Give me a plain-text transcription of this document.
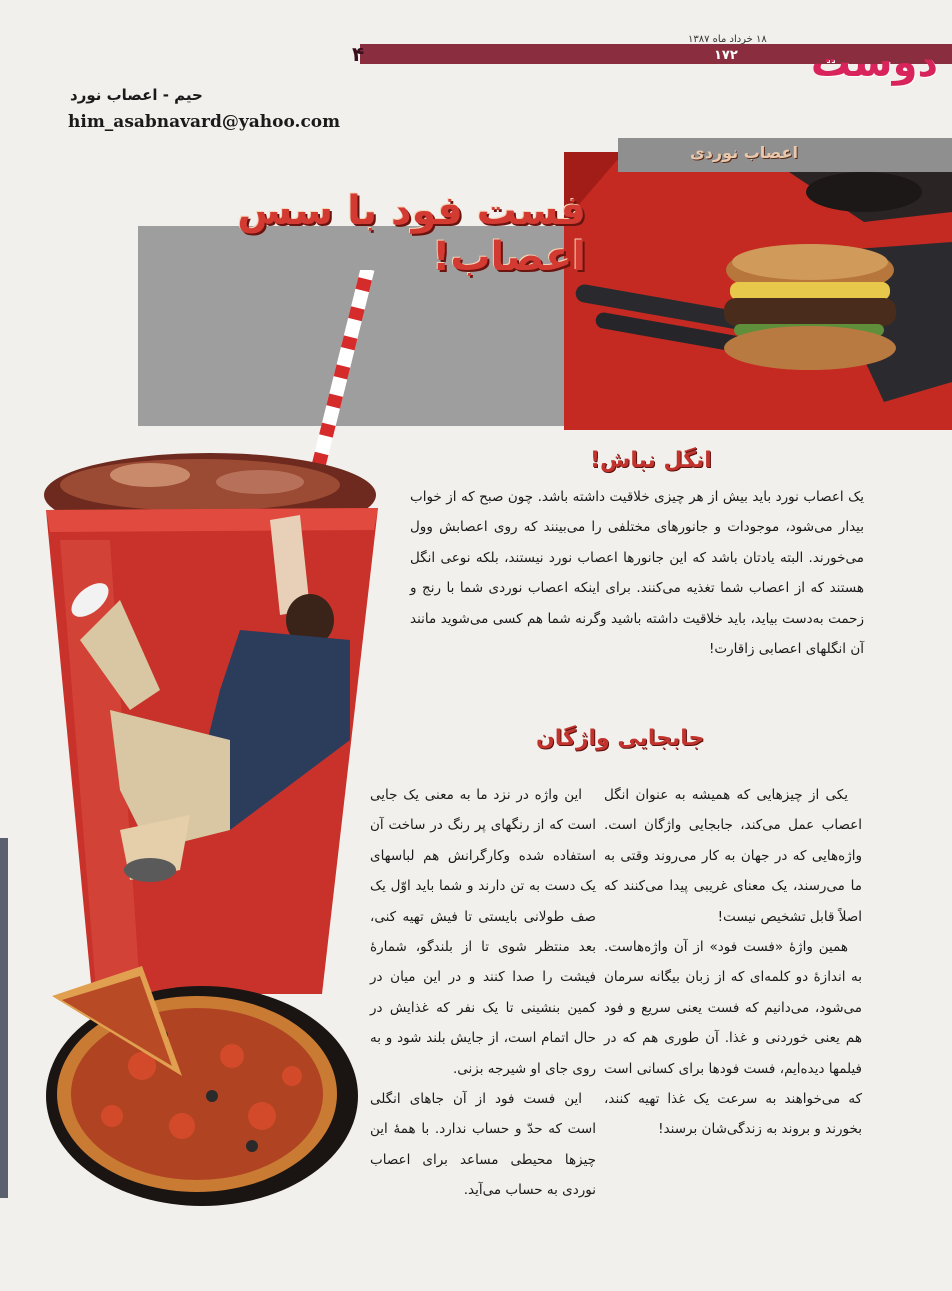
۴
۱۸ خرداد ماه ۱۳۸۷
۱۷۲ دوست
حیم - اعصاب نورد
him_asabnavard@yahoo.com
اعصاب نوردی
فست فود با سس اعصاب!
انگل نباش!
یک اعصاب نورد باید بیش از هر چیزی خلاقیت داشته باشد. چون صبح که از خواب بیدار می‌شود، موجودات و جانورهای مختلفی را می‌بینند که روی اعصابش وول می‌خورند. البته یادتان باشد که این جانورها اعصاب نورد نیستند، بلکه نوعی انگل هستند که از اعصاب شما تغذیه می‌کنند. برای اینکه اعصاب نوردی شما با رنج و زحمت به‌دست بیاید، باید خلاقیت داشته باشید وگرنه شما هم کسی می‌شوید مانند آن انگلهای اعصابی زاقارت!
جابجایی واژگان

یکی از چیزهایی که همیشه به عنوان انگل اعصاب عمل می‌کند، جابجایی واژگان است. واژه‌هایی که در جهان به کار می‌روند وقتی به ما می‌رسند، یک معنای غریبی پیدا می‌کنند که اصلاً قابل تشخیص نیست!

همین واژهٔ «فست فود» از آن واژه‌هاست. به اندازهٔ دو کلمه‌ای که از زبان بیگانه سرمان می‌شود، می‌دانیم که فست یعنی سریع و فود هم یعنی خوردنی و غذا. آن طوری هم که در فیلمها دیده‌ایم، فست فودها برای کسانی است که می‌خواهند به سرعت یک غذا تهیه کنند، بخورند و بروند به زندگی‌شان برسند!

این واژه در نزد ما به معنی یک جایی است که از رنگهای پر رنگ در ساخت آن استفاده شده وکارگرانش هم لباسهای یک دست به تن دارند و شما باید اوّل یک صف طولانی بایستی تا فیش تهیه کنی، بعد منتظر شوی تا از بلندگو، شمارهٔ فیشت را صدا کنند و در این میان در کمین بنشینی تا یک نفر که غذایش در حال اتمام است، از جایش بلند شود و به روی جای او شیرجه بزنی.

این فست فود از آن جاهای انگلی است که حدّ و حساب ندارد. با همهٔ این چیزها محیطی مساعد برای اعصاب نوردی به حساب می‌آید.
